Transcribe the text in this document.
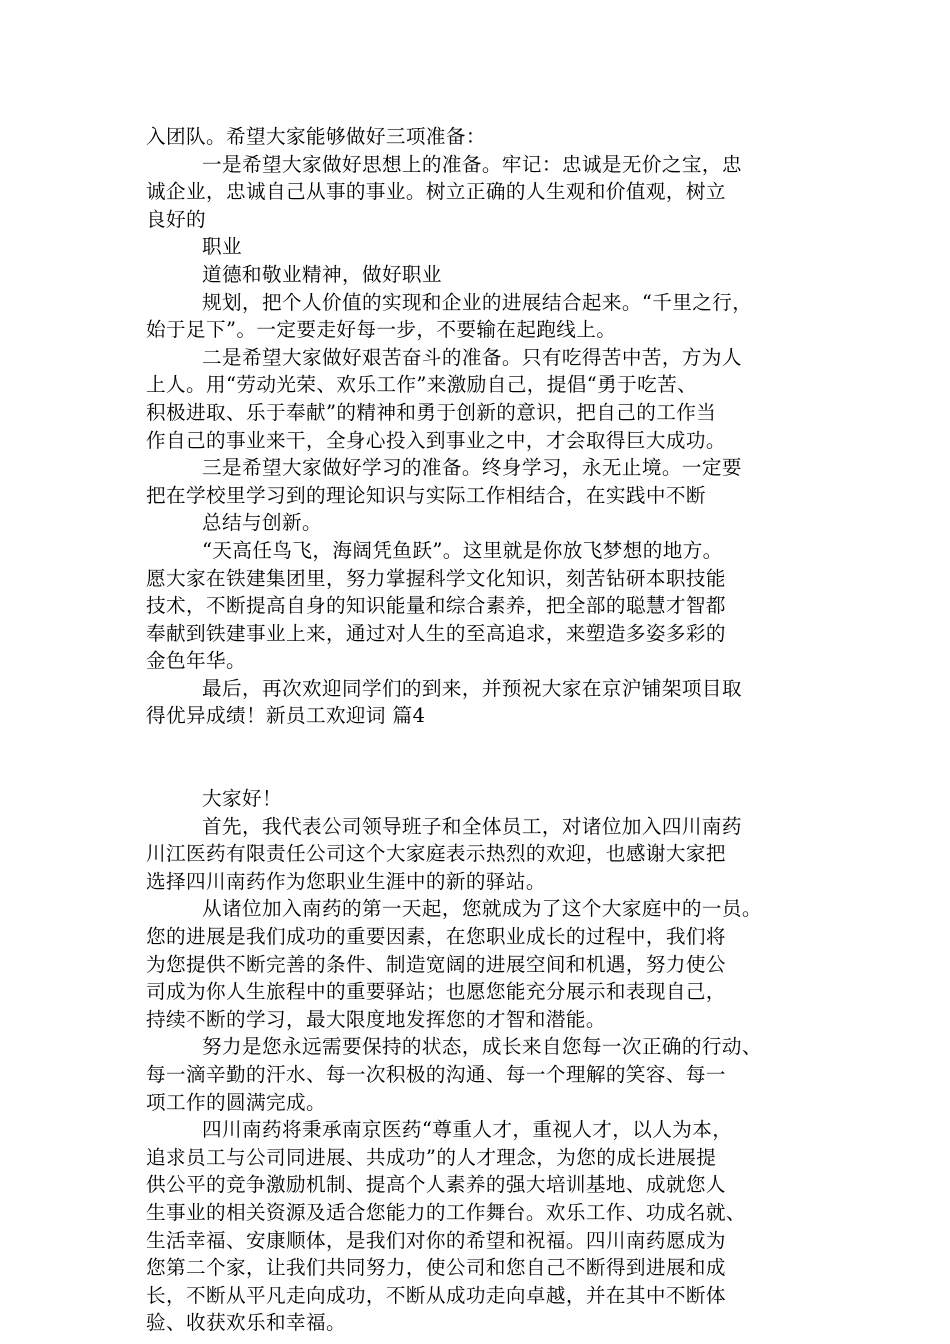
入团队。希望大家能够做好三项准备：
一是希望大家做好思想上的准备。牢记：忠诚是无价之宝，忠
诚企业，忠诚自己从事的事业。树立正确的人生观和价值观，树立
良好的
职业
道德和敬业精神，做好职业
规划，把个人价值的实现和企业的进展结合起来。“千里之行，
始于足下”。一定要走好每一步，不要输在起跑线上。
二是希望大家做好艰苦奋斗的准备。只有吃得苦中苦，方为人
上人。用“劳动光荣、欢乐工作”来激励自己，提倡“勇于吃苦、
积极进取、乐于奉献”的精神和勇于创新的意识，把自己的工作当
作自己的事业来干，全身心投入到事业之中，才会取得巨大成功。
三是希望大家做好学习的准备。终身学习，永无止境。一定要
把在学校里学习到的理论知识与实际工作相结合，在实践中不断
总结与创新。
“天高任鸟飞，海阔凭鱼跃”。这里就是你放飞梦想的地方。
愿大家在铁建集团里，努力掌握科学文化知识，刻苦钻研本职技能
技术，不断提高自身的知识能量和综合素养，把全部的聪慧才智都
奉献到铁建事业上来，通过对人生的至高追求，来塑造多姿多彩的
金色年华。
最后，再次欢迎同学们的到来，并预祝大家在京沪铺架项目取
得优异成绩！新员工欢迎词 篇4
大家好！
首先，我代表公司领导班子和全体员工，对诸位加入四川南药
川江医药有限责任公司这个大家庭表示热烈的欢迎，也感谢大家把
选择四川南药作为您职业生涯中的新的驿站。
从诸位加入南药的第一天起，您就成为了这个大家庭中的一员。
您的进展是我们成功的重要因素，在您职业成长的过程中，我们将
为您提供不断完善的条件、制造宽阔的进展空间和机遇，努力使公
司成为你人生旅程中的重要驿站；也愿您能充分展示和表现自己，
持续不断的学习，最大限度地发挥您的才智和潜能。
努力是您永远需要保持的状态，成长来自您每一次正确的行动、
每一滴辛勤的汗水、每一次积极的沟通、每一个理解的笑容、每一
项工作的圆满完成。
四川南药将秉承南京医药“尊重人才，重视人才，以人为本，
追求员工与公司同进展、共成功”的人才理念，为您的成长进展提
供公平的竞争激励机制、提高个人素养的强大培训基地、成就您人
生事业的相关资源及适合您能力的工作舞台。欢乐工作、功成名就、
生活幸福、安康顺体，是我们对你的希望和祝福。四川南药愿成为
您第二个家，让我们共同努力，使公司和您自己不断得到进展和成
长，不断从平凡走向成功，不断从成功走向卓越，并在其中不断体
验、收获欢乐和幸福。
